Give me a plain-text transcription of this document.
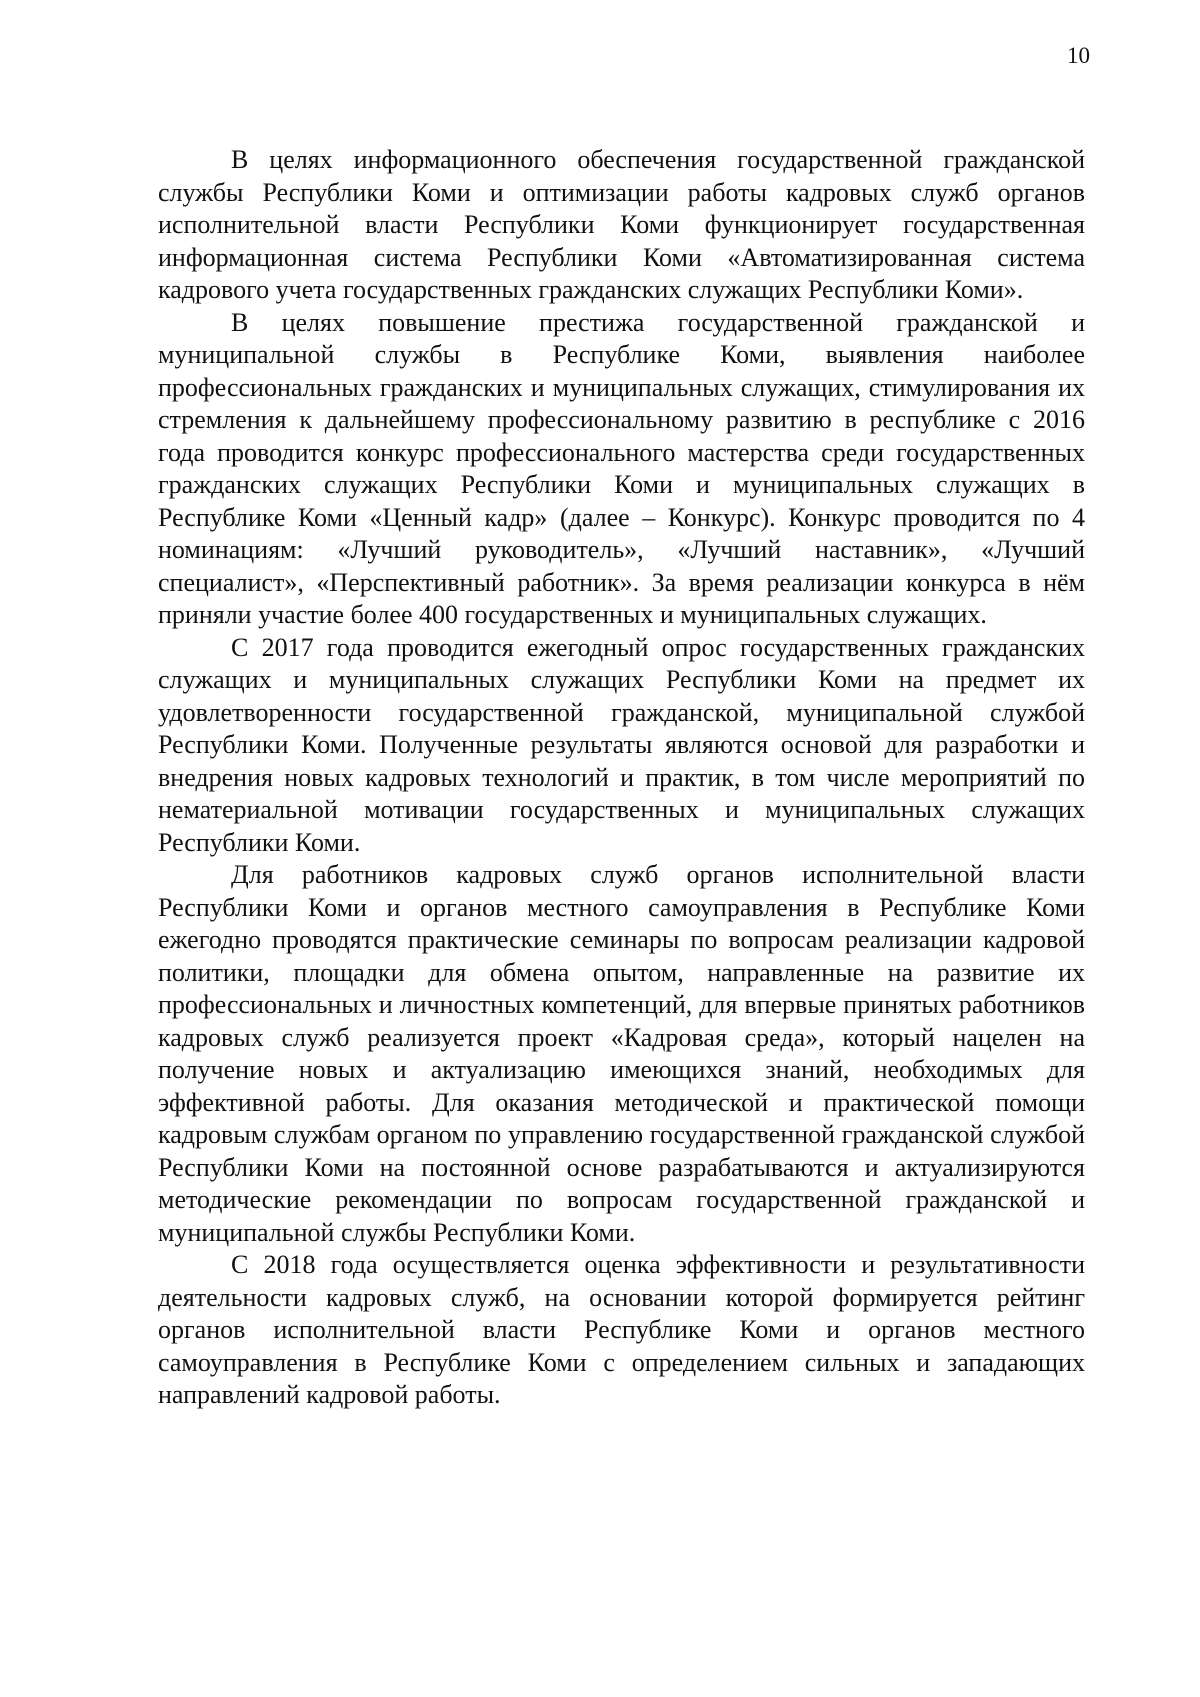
10

В целях информационного обеспечения государственной гражданской службы Республики Коми и оптимизации работы кадровых служб органов исполнительной власти Республики Коми функционирует государственная информационная система Республики Коми «Автоматизированная система кадрового учета государственных гражданских служащих Республики Коми».

В целях повышение престижа государственной гражданской и муниципальной службы в Республике Коми, выявления наиболее профессиональных гражданских и муниципальных служащих, стимулирования их стремления к дальнейшему профессиональному развитию в республике с 2016 года проводится конкурс профессионального мастерства среди государственных гражданских служащих Республики Коми и муниципальных служащих в Республике Коми «Ценный кадр» (далее – Конкурс). Конкурс проводится по 4 номинациям: «Лучший руководитель», «Лучший наставник», «Лучший специалист», «Перспективный работник». За время реализации конкурса в нём приняли участие более 400 государственных и муниципальных служащих.

С 2017 года проводится ежегодный опрос государственных гражданских служащих и муниципальных служащих Республики Коми на предмет их удовлетворенности государственной гражданской, муниципальной службой Республики Коми. Полученные результаты являются основой для разработки и внедрения новых кадровых технологий и практик, в том числе мероприятий по нематериальной мотивации государственных и муниципальных служащих Республики Коми.

Для работников кадровых служб органов исполнительной власти Республики Коми и органов местного самоуправления в Республике Коми ежегодно проводятся практические семинары по вопросам реализации кадровой политики, площадки для обмена опытом, направленные на развитие их профессиональных и личностных компетенций, для впервые принятых работников кадровых служб реализуется проект «Кадровая среда», который нацелен на получение новых и актуализацию имеющихся знаний, необходимых для эффективной работы. Для оказания методической и практической помощи кадровым службам органом по управлению государственной гражданской службой Республики Коми на постоянной основе разрабатываются и актуализируются методические рекомендации по вопросам государственной гражданской и муниципальной службы Республики Коми.

С 2018 года осуществляется оценка эффективности и результативности деятельности кадровых служб, на основании которой формируется рейтинг органов исполнительной власти Республике Коми и органов местного самоуправления в Республике Коми с определением сильных и западающих направлений кадровой работы.
